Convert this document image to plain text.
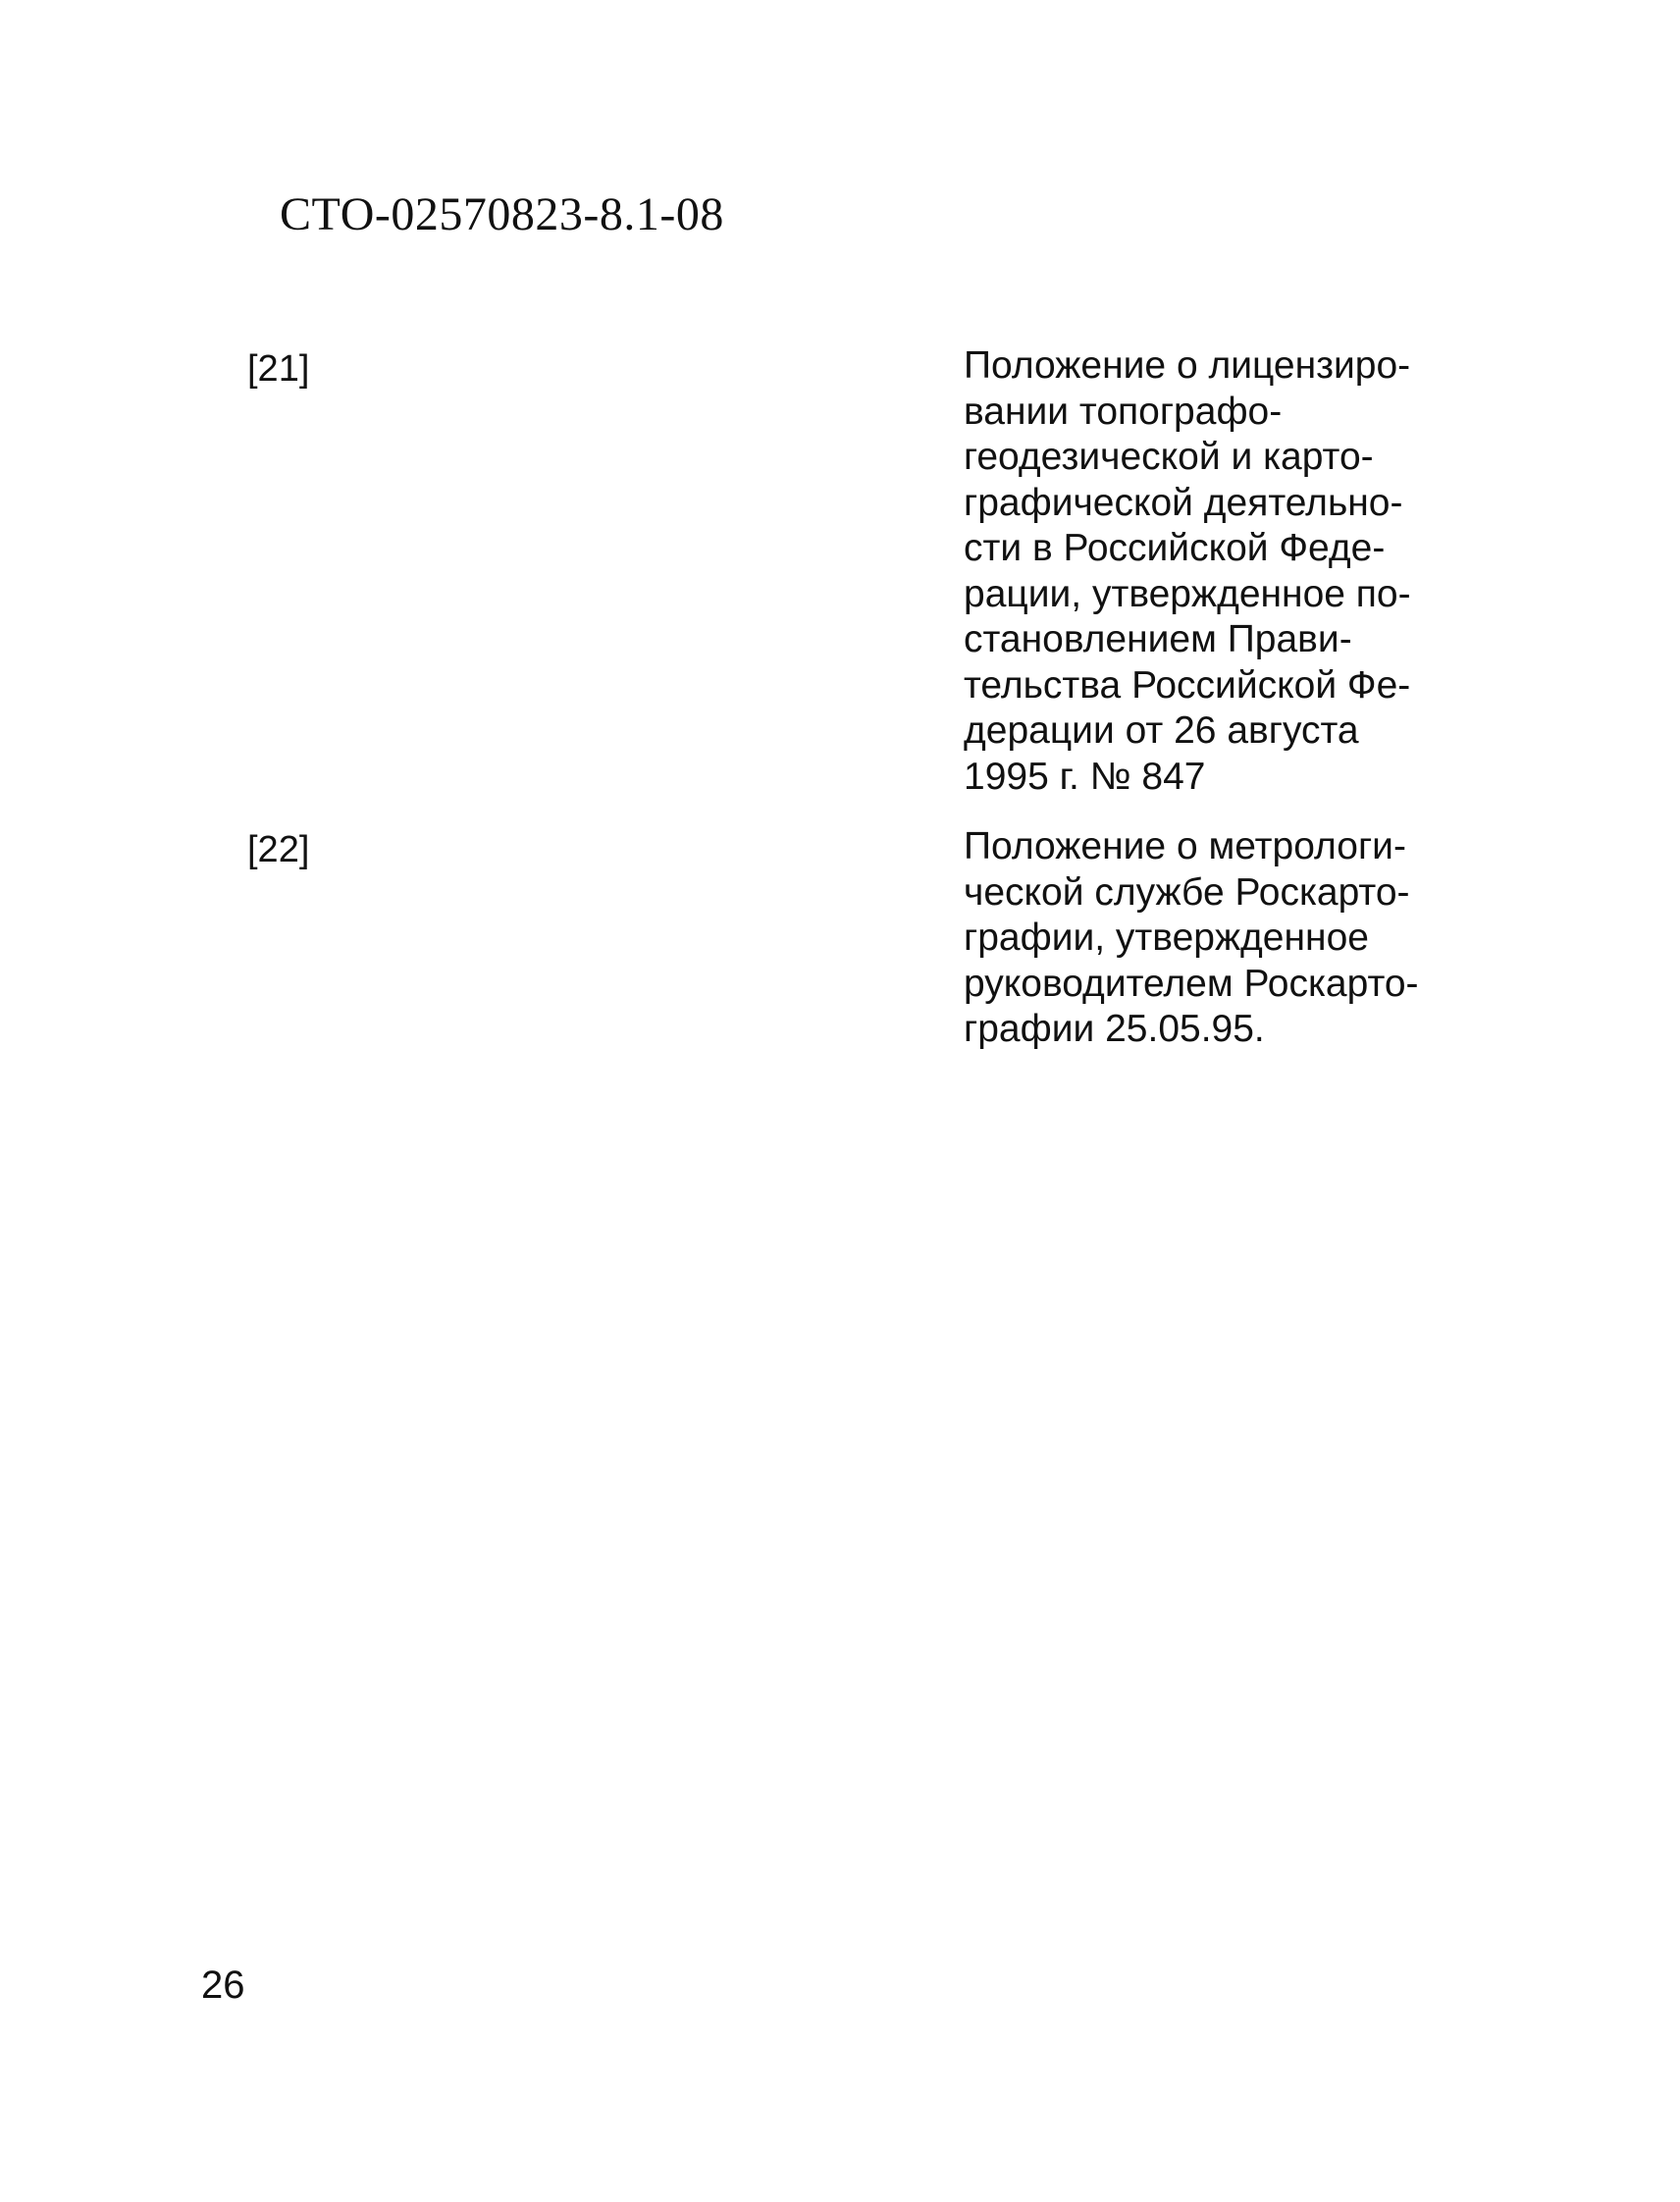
СТО-02570823-8.1-08
[21]	Положение о лицензиро-
вании топографо-
геодезической и карто-
графической деятельно-
сти в Российской Феде-
рации, утвержденное по-
становлением Прави-
тельства Российской Фе-
дерации от 26 августа
1995 г. № 847
[22]	Положение о метрологи-
ческой службе Роскарто-
графии, утвержденное
руководителем Роскарто-
графии 25.05.95.
26
